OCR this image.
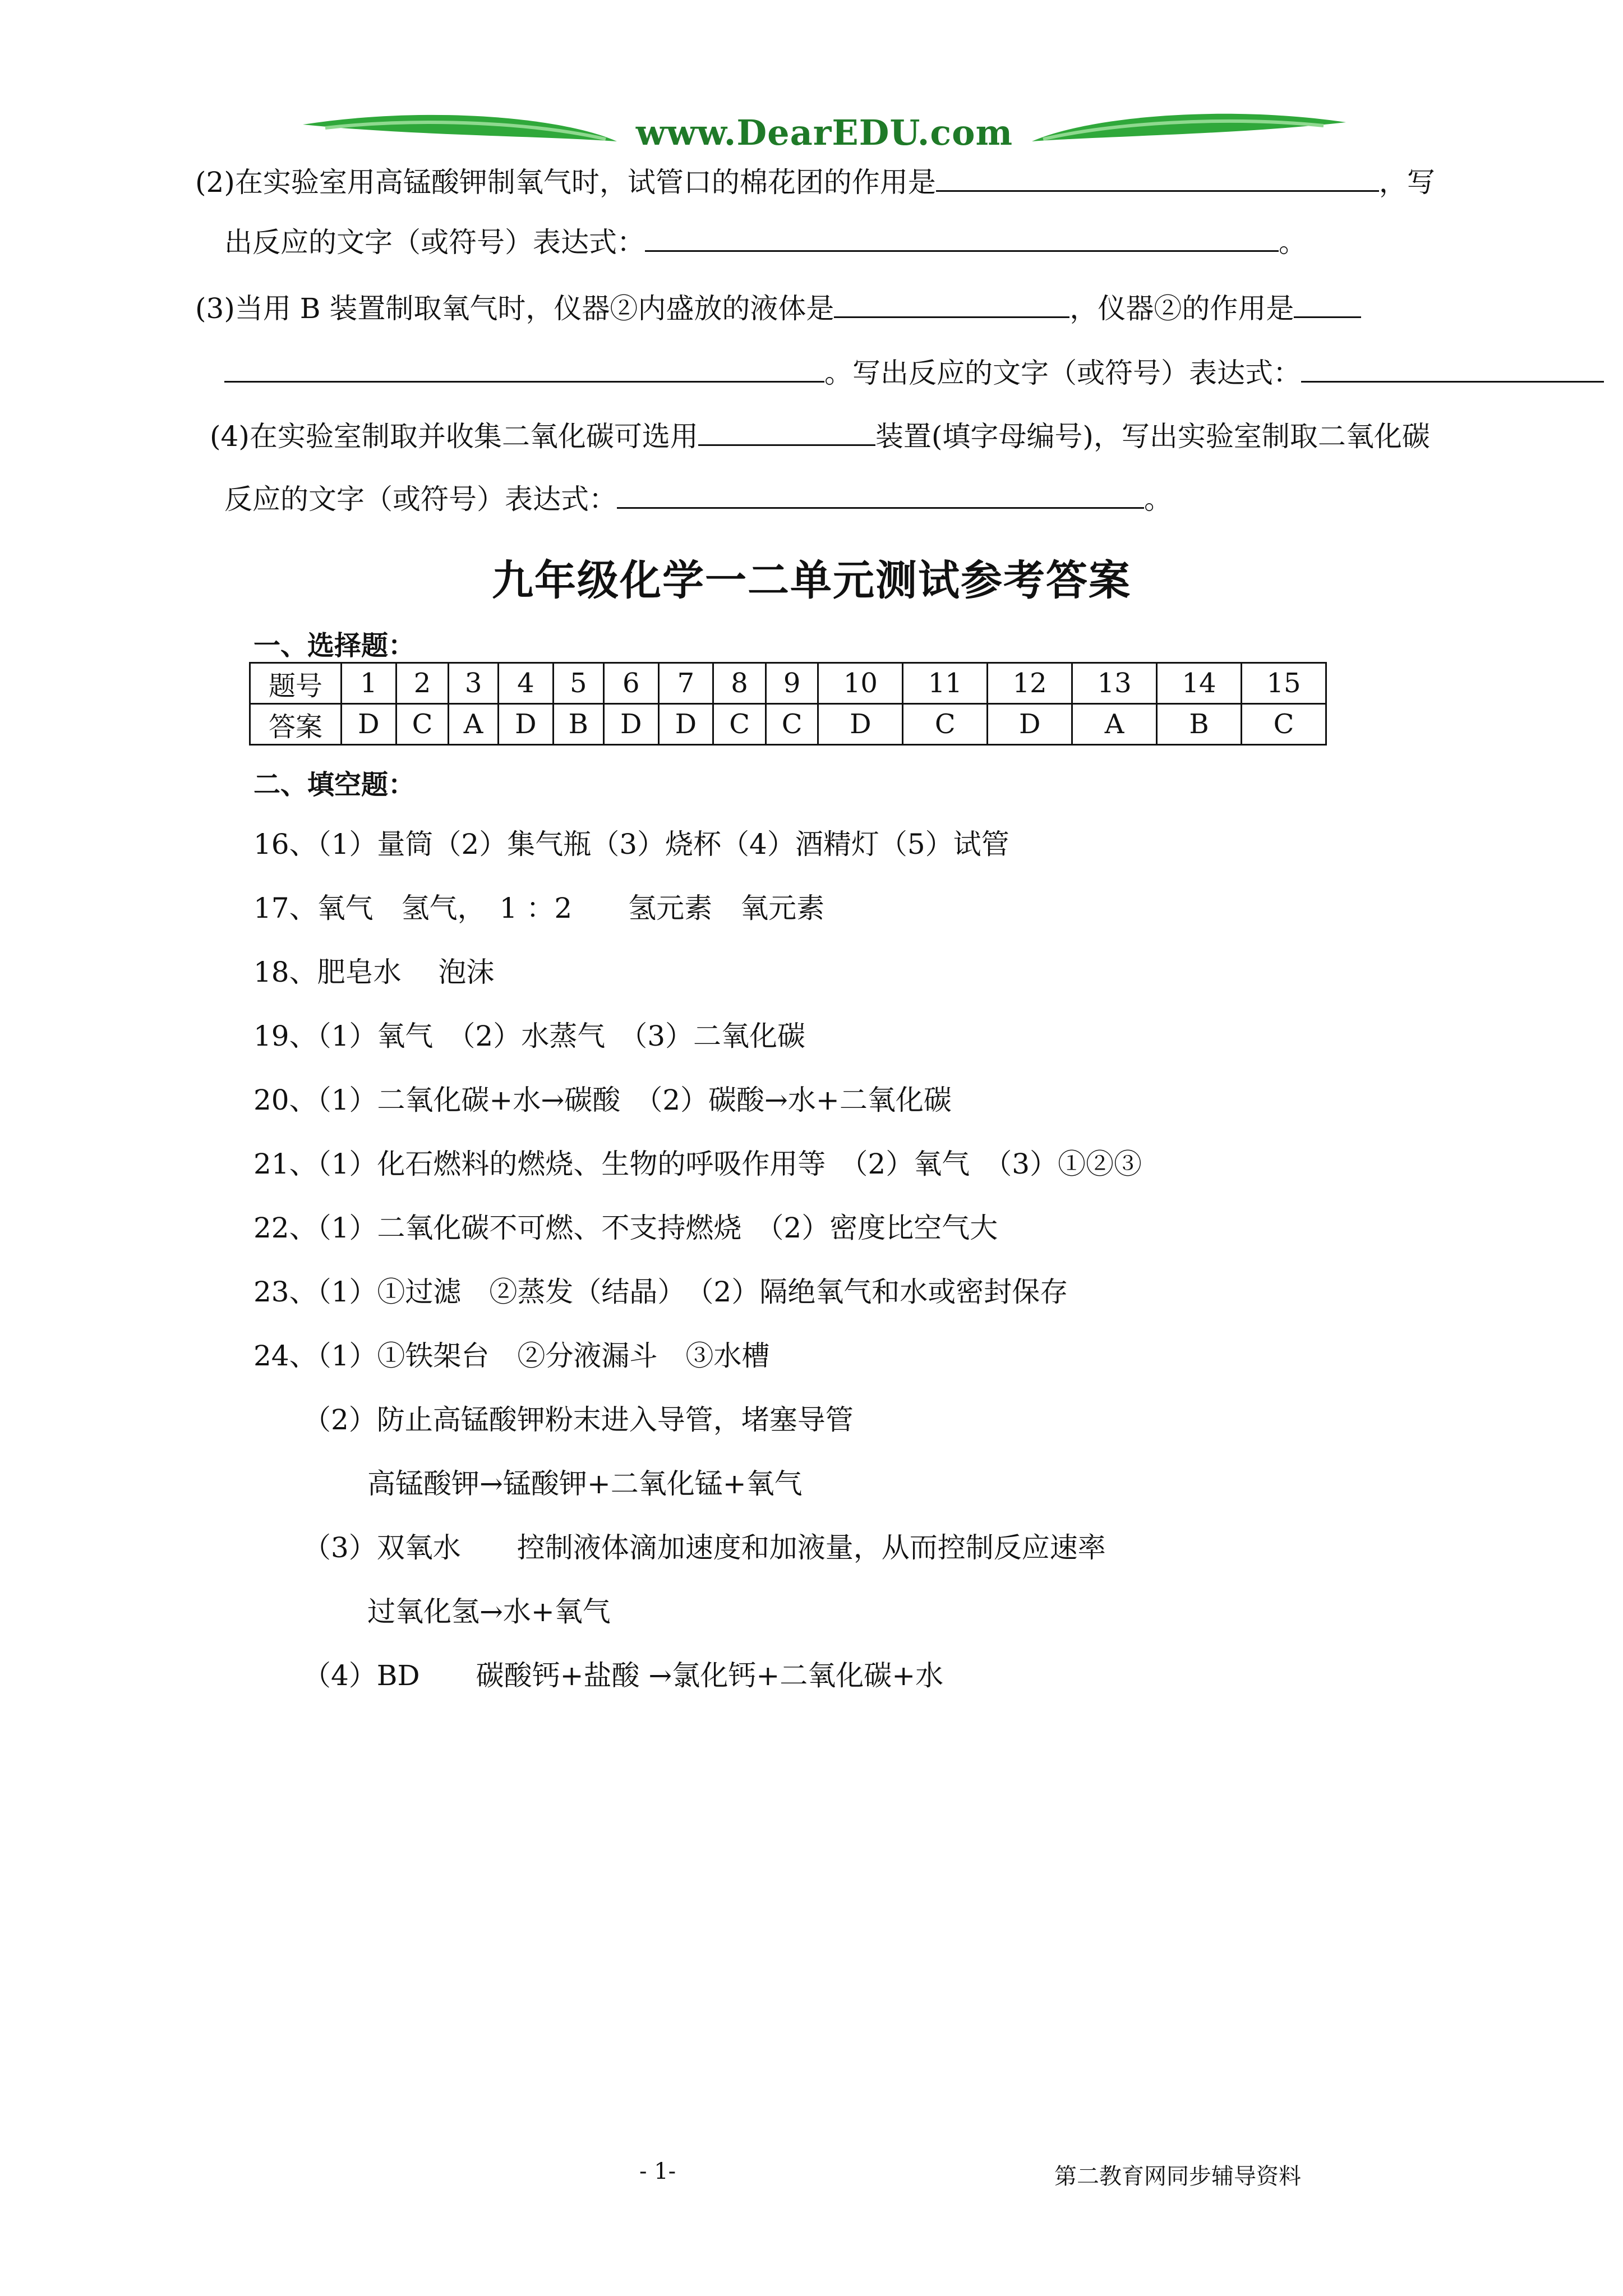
www.DearEDU.com
(2)在实验室用高锰酸钾制氧气时，试管口的棉花团的作用是	，写
出反应的文字（或符号）表达式：	。
(3)当用 B 装置制取氧气时，仪器②内盛放的液体是	，仪器②的作用是
。写出反应的文字（或符号）表达式：
(4)在实验室制取并收集二氧化碳可选用	装置(填字母编号)，写出实验室制取二氧化碳
反应的文字（或符号）表达式：	。
九年级化学一二单元测试参考答案
一、选择题：
题号	1	2	3	4	5	6	7	8	9	10	11	12	13	14	15
答案	D	C	A	D	B	D	D	C	C	D	C	D	A	B	C
二、填空题：
16、（1）量筒（2）集气瓶（3）烧杯（4）酒精灯（5）试管
17、氧气　氢气，　1 ：2　　氢元素　氧元素
18、肥皂水　 泡沫
19、（1）氧气　（2）水蒸气　（3）二氧化碳
20、（1）二氧化碳+水→碳酸　（2）碳酸→水+二氧化碳
21、（1）化石燃料的燃烧、生物的呼吸作用等　（2）氧气　（3）①②③
22、（1）二氧化碳不可燃、不支持燃烧　（2）密度比空气大
23、（1）①过滤　②蒸发（结晶）　（2）隔绝氧气和水或密封保存
24、（1）①铁架台　②分液漏斗　③水槽
（2）防止高锰酸钾粉末进入导管，堵塞导管
高锰酸钾→锰酸钾+二氧化锰+氧气
（3）双氧水　　控制液体滴加速度和加液量，从而控制反应速率
过氧化氢→水+氧气
（4）BD　　碳酸钙+盐酸 →氯化钙+二氧化碳+水
- 1-	第二教育网同步辅导资料
